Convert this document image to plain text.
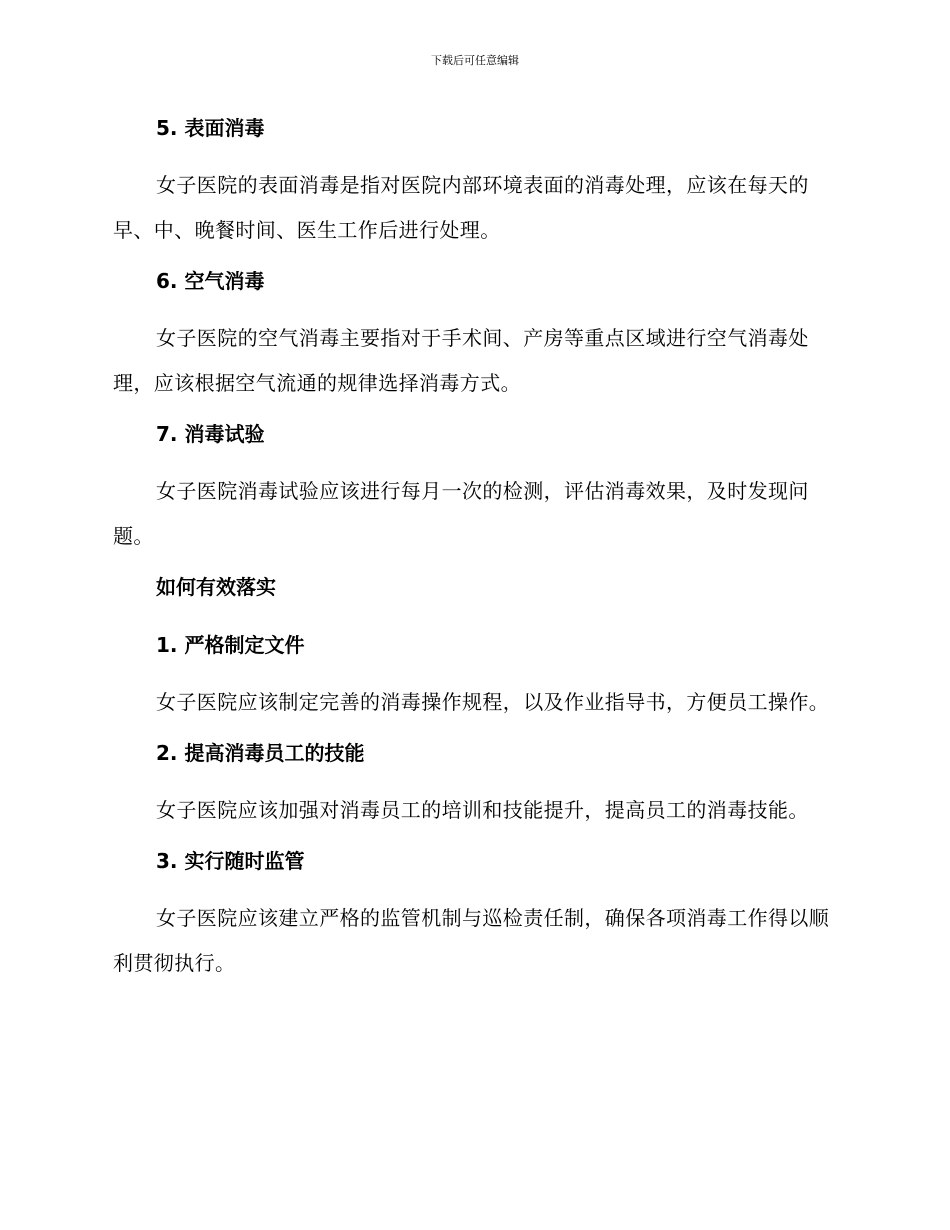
下载后可任意编辑
5. 表面消毒

女子医院的表面消毒是指对医院内部环境表面的消毒处理，应该在每天的早、中、晚餐时间、医生工作后进行处理。

6. 空气消毒

女子医院的空气消毒主要指对于手术间、产房等重点区域进行空气消毒处理，应该根据空气流通的规律选择消毒方式。

7. 消毒试验

女子医院消毒试验应该进行每月一次的检测，评估消毒效果，及时发现问题。

如何有效落实
1. 严格制定文件

女子医院应该制定完善的消毒操作规程，以及作业指导书，方便员工操作。

2. 提高消毒员工的技能

女子医院应该加强对消毒员工的培训和技能提升，提高员工的消毒技能。

3. 实行随时监管

女子医院应该建立严格的监管机制与巡检责任制，确保各项消毒工作得以顺利贯彻执行。
